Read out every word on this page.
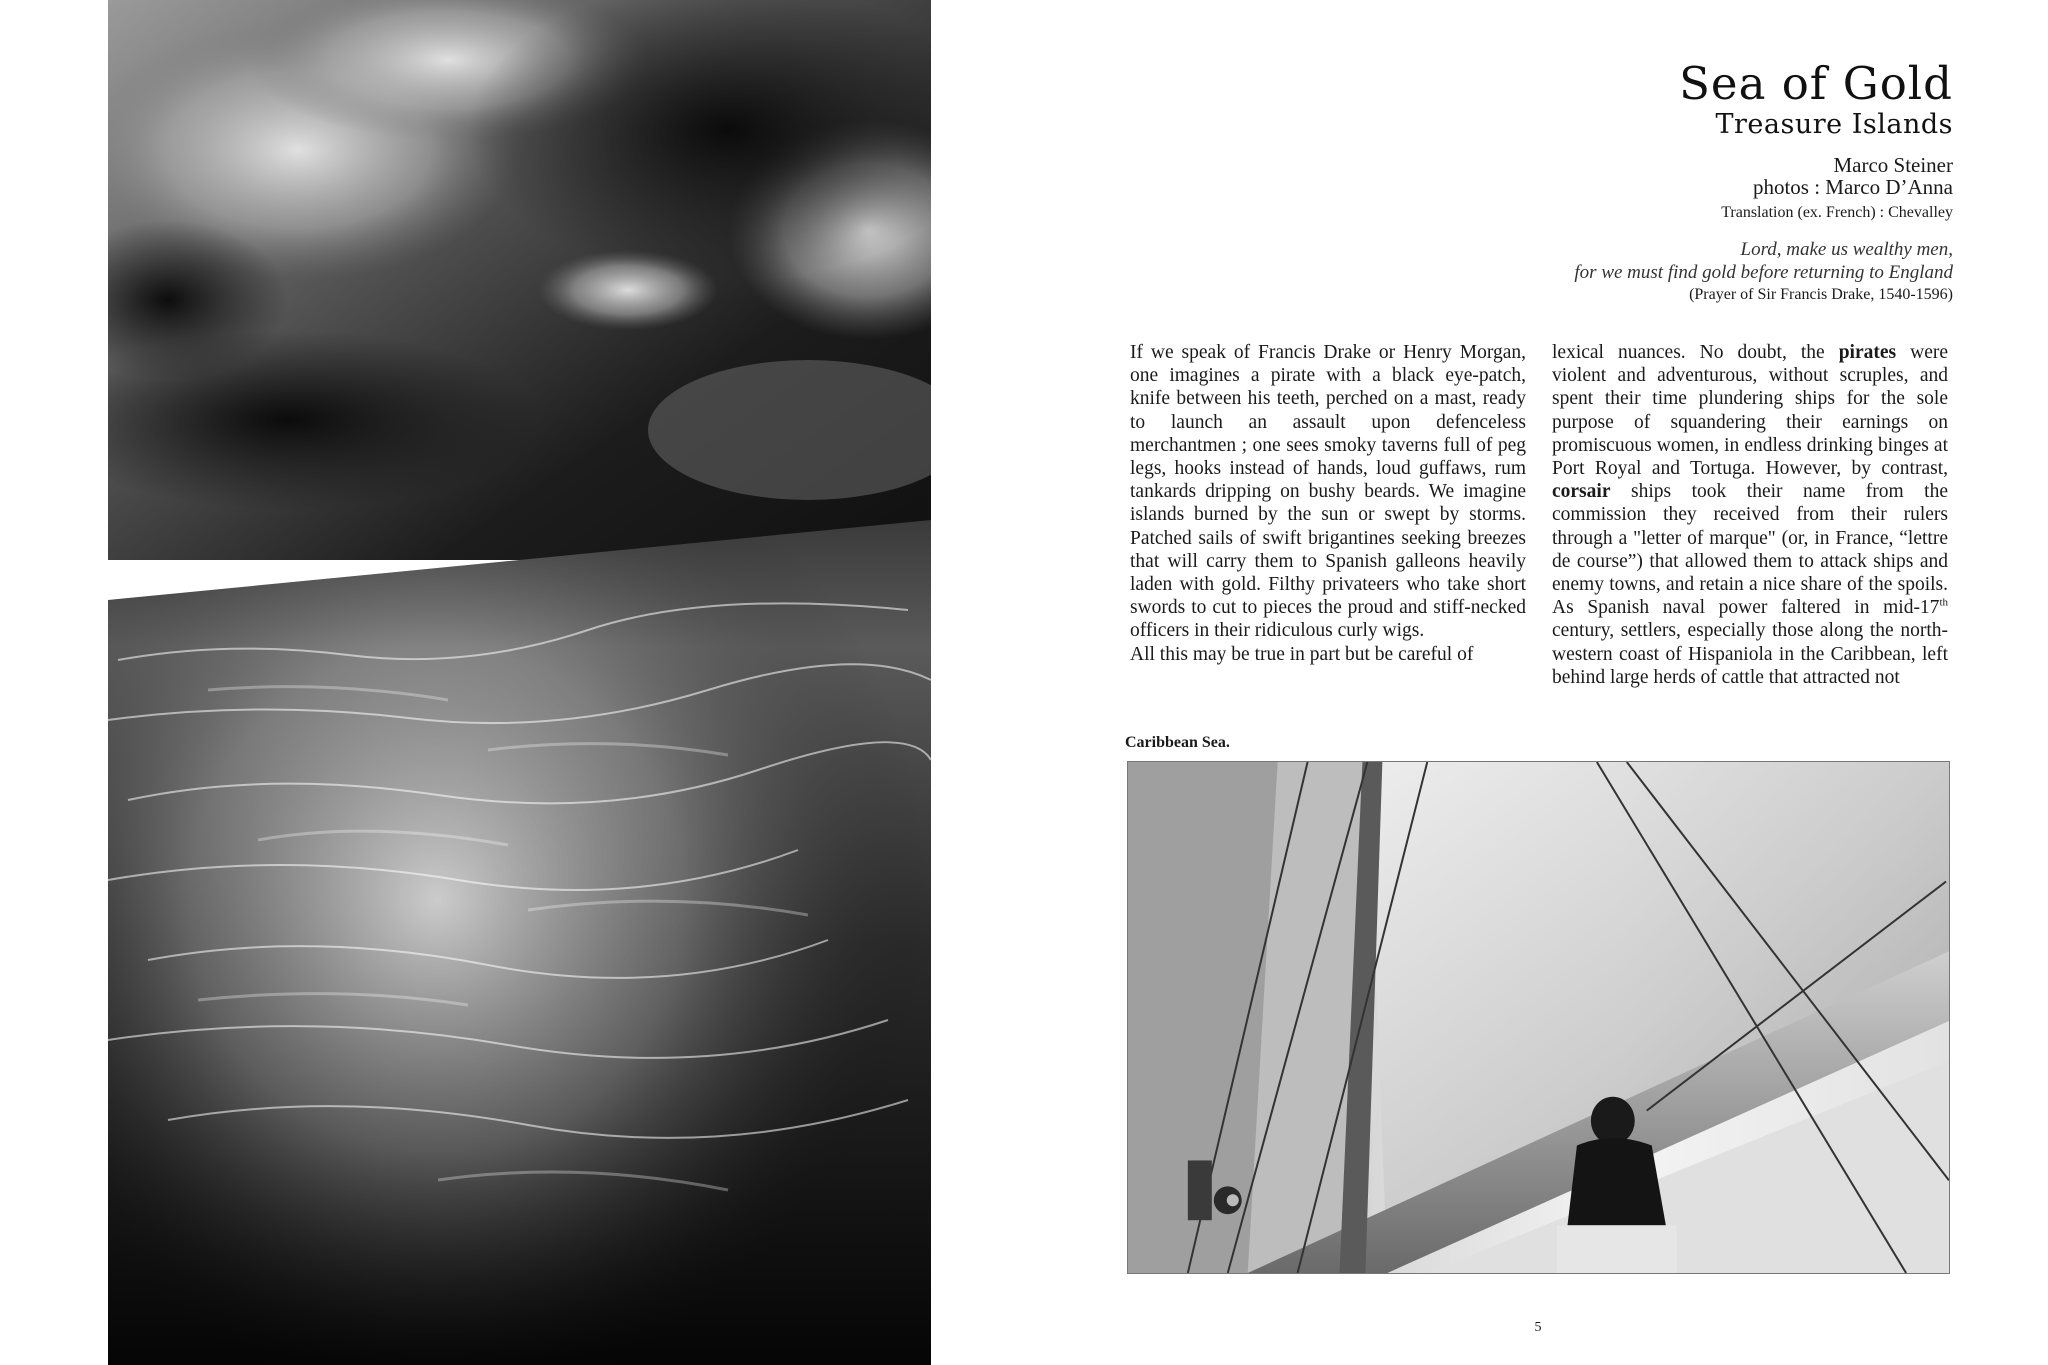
Sea of Gold
Treasure Islands
Marco Steiner
photos : Marco D’Anna
Translation (ex. French) : Chevalley
Lord, make us wealthy men,
for we must find gold before returning to England
(Prayer of Sir Francis Drake, 1540-1596)

If we speak of Francis Drake or Henry Morgan, one imagines a pirate with a black eye-patch, knife between his teeth, perched on a mast, ready to launch an assault upon defenceless merchantmen ; one sees smoky taverns full of peg legs, hooks instead of hands, loud guffaws, rum tankards dripping on bushy beards. We imagine islands burned by the sun or swept by storms. Patched sails of swift brigantines seeking breezes that will carry them to Spanish galleons heavily laden with gold. Filthy privateers who take short swords to cut to pieces the proud and stiff-necked officers in their ridiculous curly wigs.

All this may be true in part but be careful of

lexical nuances. No doubt, the pirates were violent and adventurous, without scruples, and spent their time plundering ships for the sole purpose of squandering their earnings on promiscuous women, in endless drinking binges at Port Royal and Tortuga. However, by contrast, corsair ships took their name from the commission they received from their rulers through a "letter of marque" (or, in France, “lettre de course”) that allowed them to attack ships and enemy towns, and retain a nice share of the spoils. As Spanish naval power faltered in mid-17th century, settlers, especially those along the north-western coast of Hispaniola in the Caribbean, left behind large herds of cattle that attracted not

Caribbean Sea.
5
